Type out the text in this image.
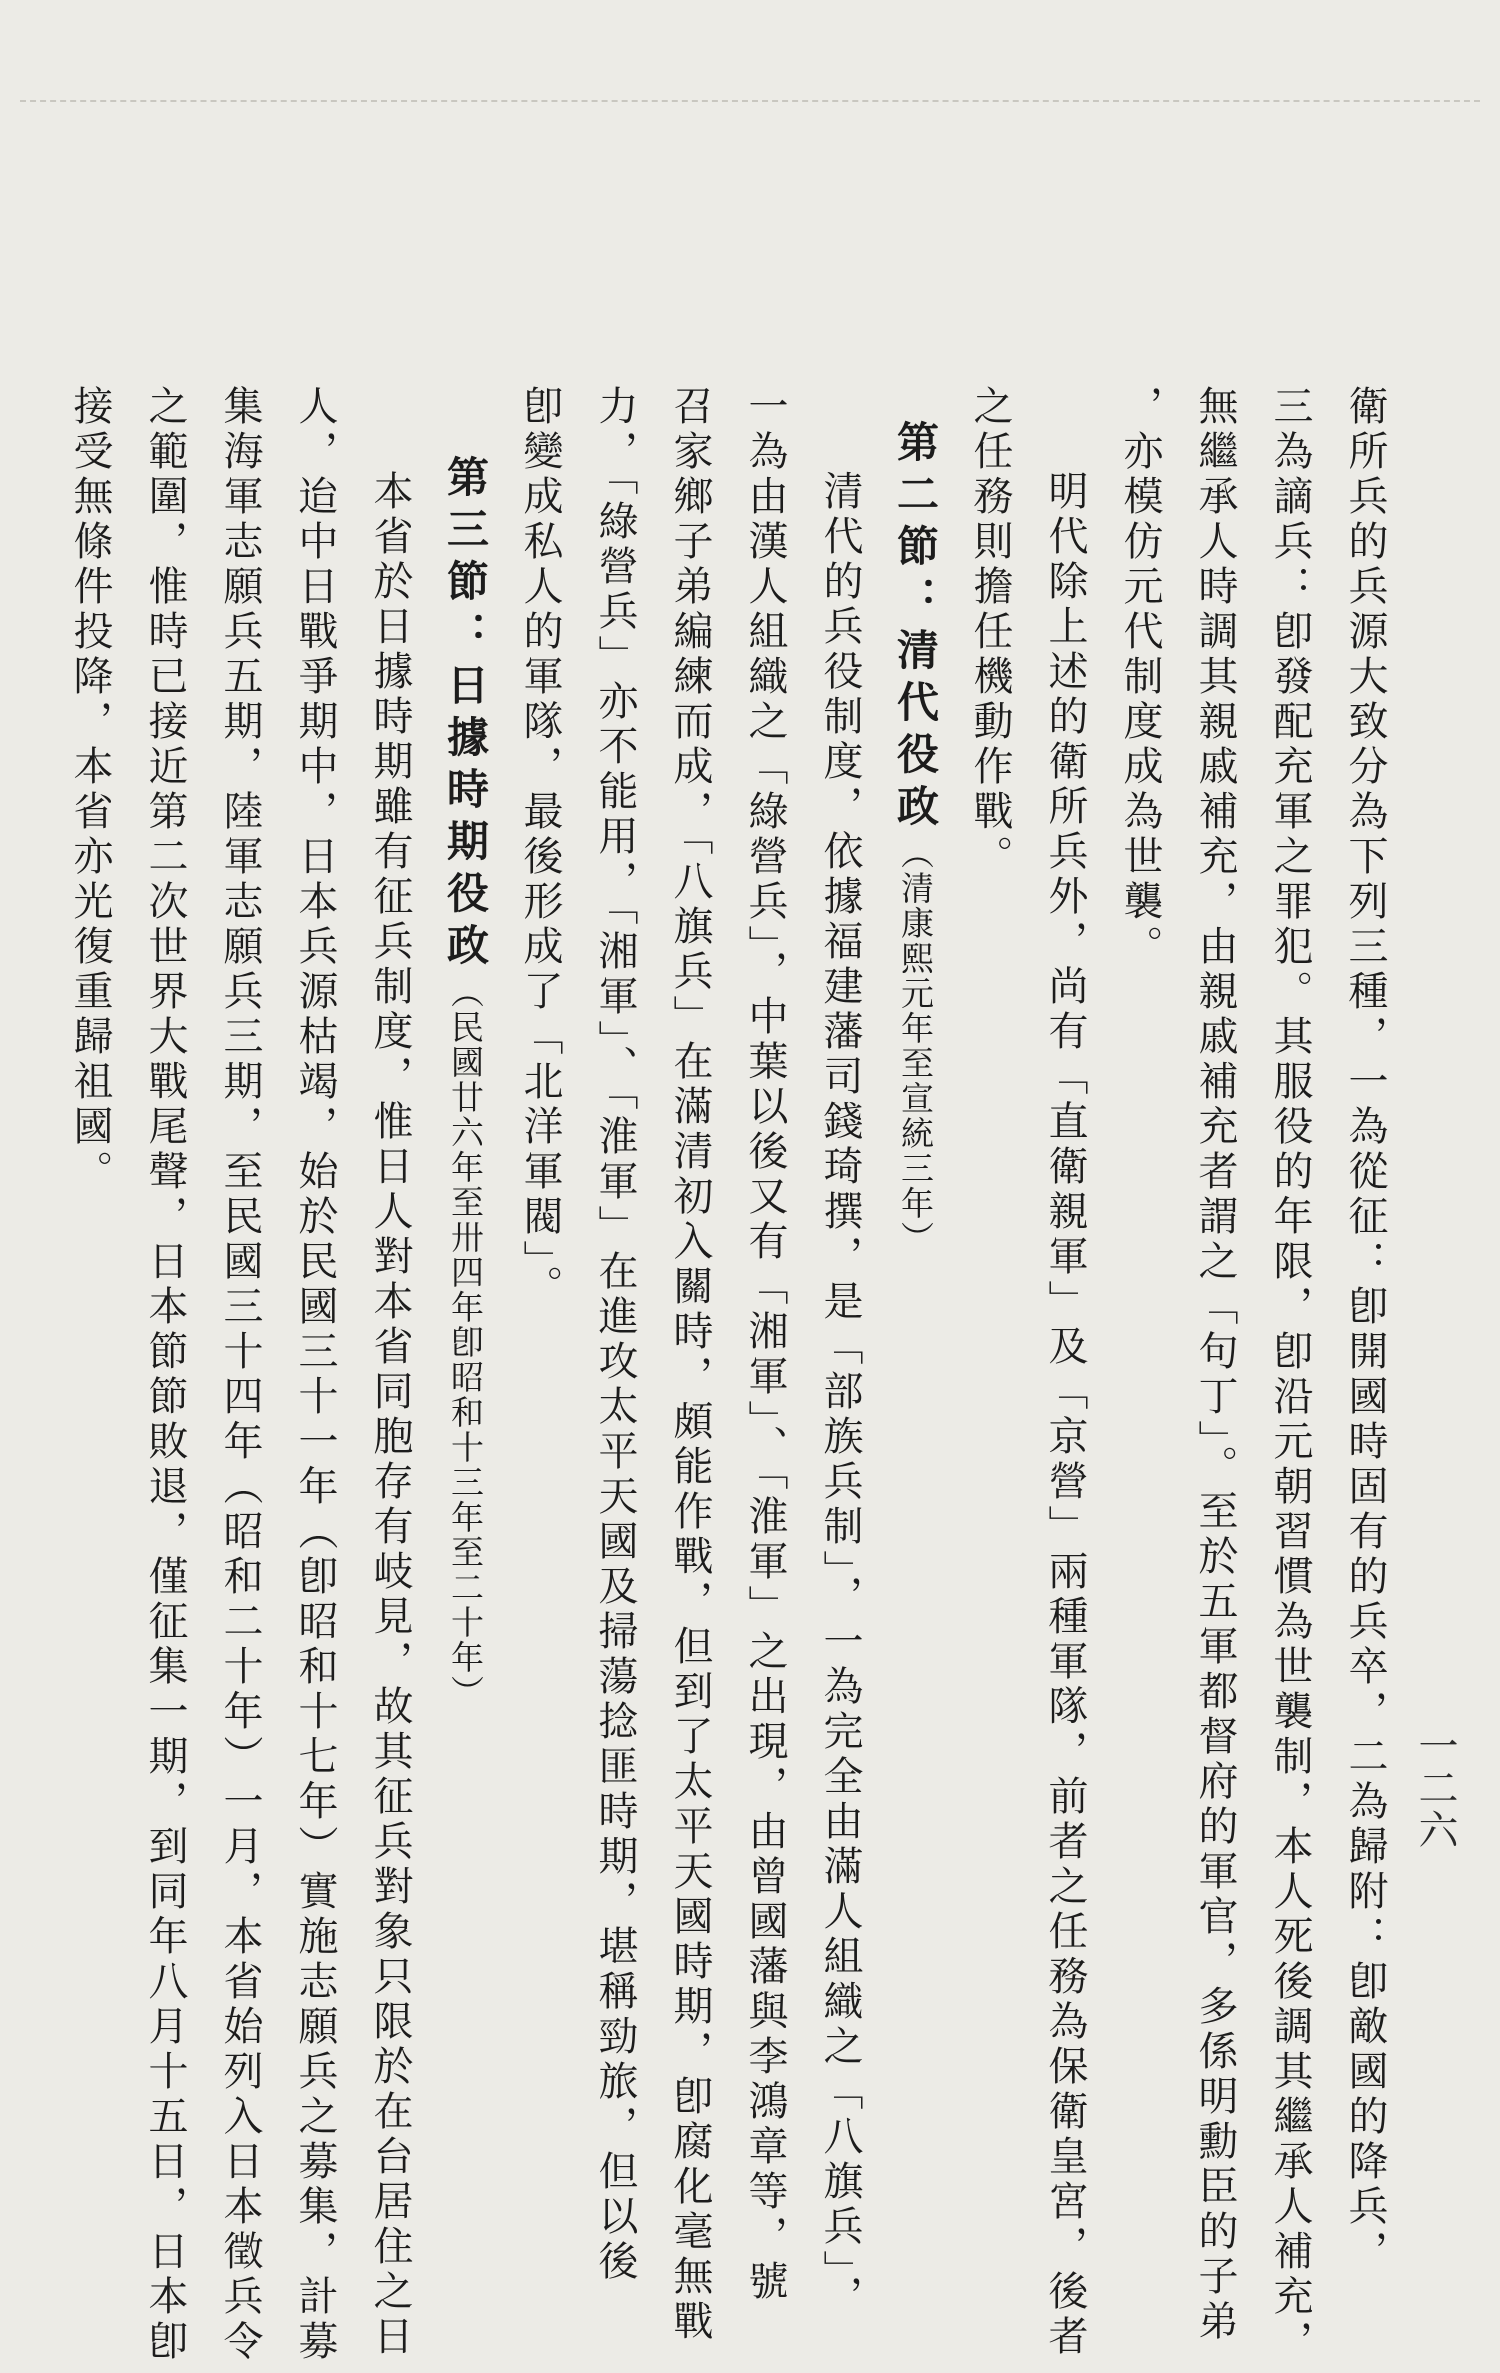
一二六
衛所兵的兵源大致分為下列三種，一為從征：卽開國時固有的兵卒，二為歸附：卽敵國的降兵，
三為謫兵：卽發配充軍之罪犯。其服役的年限，卽沿元朝習慣為世襲制，本人死後調其繼承人補充，
無繼承人時調其親戚補充，由親戚補充者謂之「句丁」。至於五軍都督府的軍官，多係明勳臣的子弟
，亦模仿元代制度成為世襲。
明代除上述的衛所兵外，尚有「直衛親軍」及「京營」兩種軍隊，前者之任務為保衛皇宮，後者
之任務則擔任機動作戰。
第二節：清代役政（清康熙元年至宣統三年）
清代的兵役制度，依據福建藩司錢琦撰，是「部族兵制」，一為完全由滿人組織之「八旗兵」，
一為由漢人組織之「綠營兵」，中葉以後又有「湘軍」、「淮軍」之出現，由曾國藩與李鴻章等，號
召家鄉子弟編練而成，「八旗兵」在滿清初入關時，頗能作戰，但到了太平天國時期，卽腐化毫無戰
力，「綠營兵」亦不能用，「湘軍」、「淮軍」在進攻太平天國及掃蕩捻匪時期，堪稱勁旅，但以後
卽變成私人的軍隊，最後形成了「北洋軍閥」。
第三節：日據時期役政（民國廿六年至卅四年卽昭和十三年至二十年）
本省於日據時期雖有征兵制度，惟日人對本省同胞存有岐見，故其征兵對象只限於在台居住之日
人，迨中日戰爭期中，日本兵源枯竭，始於民國三十一年（卽昭和十七年）實施志願兵之募集，計募
集海軍志願兵五期，陸軍志願兵三期，至民國三十四年（昭和二十年）一月，本省始列入日本徵兵令
之範圍，惟時已接近第二次世界大戰尾聲，日本節節敗退，僅征集一期，到同年八月十五日，日本卽
接受無條件投降，本省亦光復重歸祖國。
